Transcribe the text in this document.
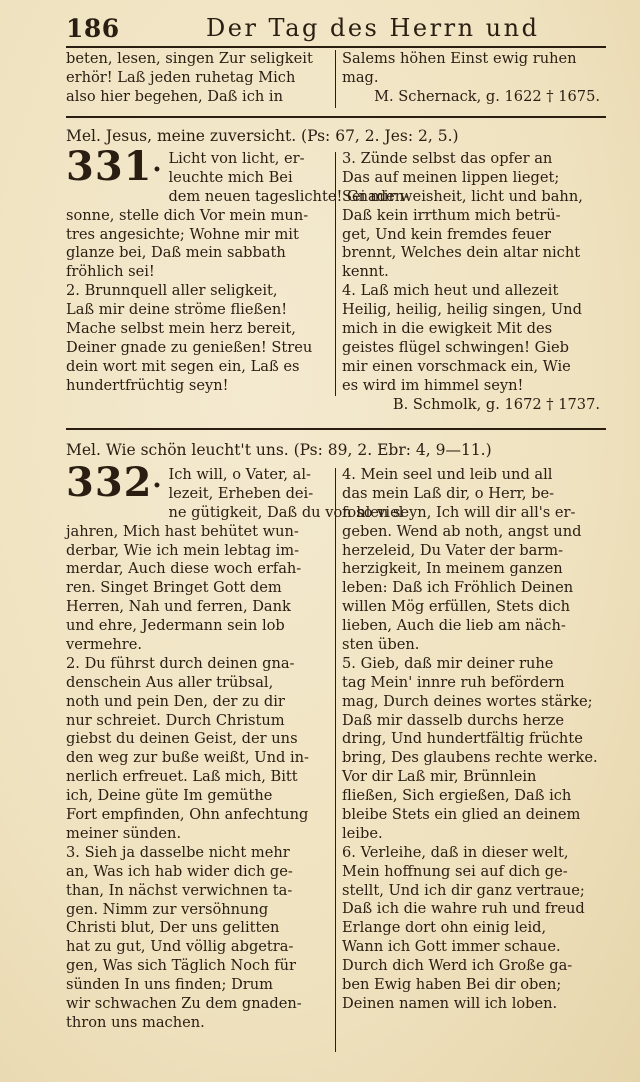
186	Der Tag des Herrn und
beten, lesen, singen Zur seligkeit
erhör! Laß jeden ruhetag Mich
also hier begehen, Daß ich in
Salems höhen Einst ewig ruhen
mag.
M. Schernack, g. 1622 † 1675.
Mel. Jesus, meine zuversicht. (Ps: 67, 2. Jes: 2, 5.)
331•
Licht von licht, er-
leuchte mich Bei
dem neuen tageslichte! Gnaden-
sonne, stelle dich Vor mein mun-
tres angesichte; Wohne mir mit
glanze bei, Daß mein sabbath
fröhlich sei!
2. Brunnquell aller seligkeit,
Laß mir deine ströme fließen!
Mache selbst mein herz bereit,
Deiner gnade zu genießen! Streu
dein wort mit segen ein, Laß es
hundertfrüchtig seyn!
3. Zünde selbst das opfer an
Das auf meinen lippen lieget;
Sei mir weisheit, licht und bahn,
Daß kein irrthum mich betrü-
get, Und kein fremdes feuer
brennt, Welches dein altar nicht
kennt.
4. Laß mich heut und allezeit
Heilig, heilig, heilig singen, Und
mich in die ewigkeit Mit des
geistes flügel schwingen! Gieb
mir einen vorschmack ein, Wie
es wird im himmel seyn!
B. Schmolk, g. 1672 † 1737.
Mel. Wie schön leucht't uns. (Ps: 89, 2. Ebr: 4, 9—11.)
332•
Ich will, o Vater, al-
lezeit, Erheben dei-
ne gütigkeit, Daß du von so viel
jahren, Mich hast behütet wun-
derbar, Wie ich mein lebtag im-
merdar, Auch diese woch erfah-
ren. Singet Bringet Gott dem
Herren, Nah und ferren, Dank
und ehre, Jedermann sein lob
vermehre.
2. Du führst durch deinen gna-
denschein Aus aller trübsal,
noth und pein Den, der zu dir
nur schreiet. Durch Christum
giebst du deinen Geist, der uns
den weg zur buße weißt, Und in-
nerlich erfreuet. Laß mich, Bitt
ich, Deine güte Im gemüthe
Fort empfinden, Ohn anfechtung
meiner sünden.
3. Sieh ja dasselbe nicht mehr
an, Was ich hab wider dich ge-
than, In nächst verwichnen ta-
gen. Nimm zur versöhnung
Christi blut, Der uns gelitten
hat zu gut, Und völlig abgetra-
gen, Was sich Täglich Noch für
sünden In uns finden; Drum
wir schwachen Zu dem gnaden-
thron uns machen.
4. Mein seel und leib und all
das mein Laß dir, o Herr, be-
fohlen seyn, Ich will dir all's er-
geben. Wend ab noth, angst und
herzeleid, Du Vater der barm-
herzigkeit, In meinem ganzen
leben: Daß ich Fröhlich Deinen
willen Mög erfüllen, Stets dich
lieben, Auch die lieb am näch-
sten üben.
5. Gieb, daß mir deiner ruhe
tag Mein' innre ruh befördern
mag, Durch deines wortes stärke;
Daß mir dasselb durchs herze
dring, Und hundertfältig früchte
bring, Des glaubens rechte werke.
Vor dir Laß mir, Brünnlein
fließen, Sich ergießen, Daß ich
bleibe Stets ein glied an deinem
leibe.
6. Verleihe, daß in dieser welt,
Mein hoffnung sei auf dich ge-
stellt, Und ich dir ganz vertraue;
Daß ich die wahre ruh und freud
Erlange dort ohn einig leid,
Wann ich Gott immer schaue.
Durch dich Werd ich Große ga-
ben Ewig haben Bei dir oben;
Deinen namen will ich loben.
